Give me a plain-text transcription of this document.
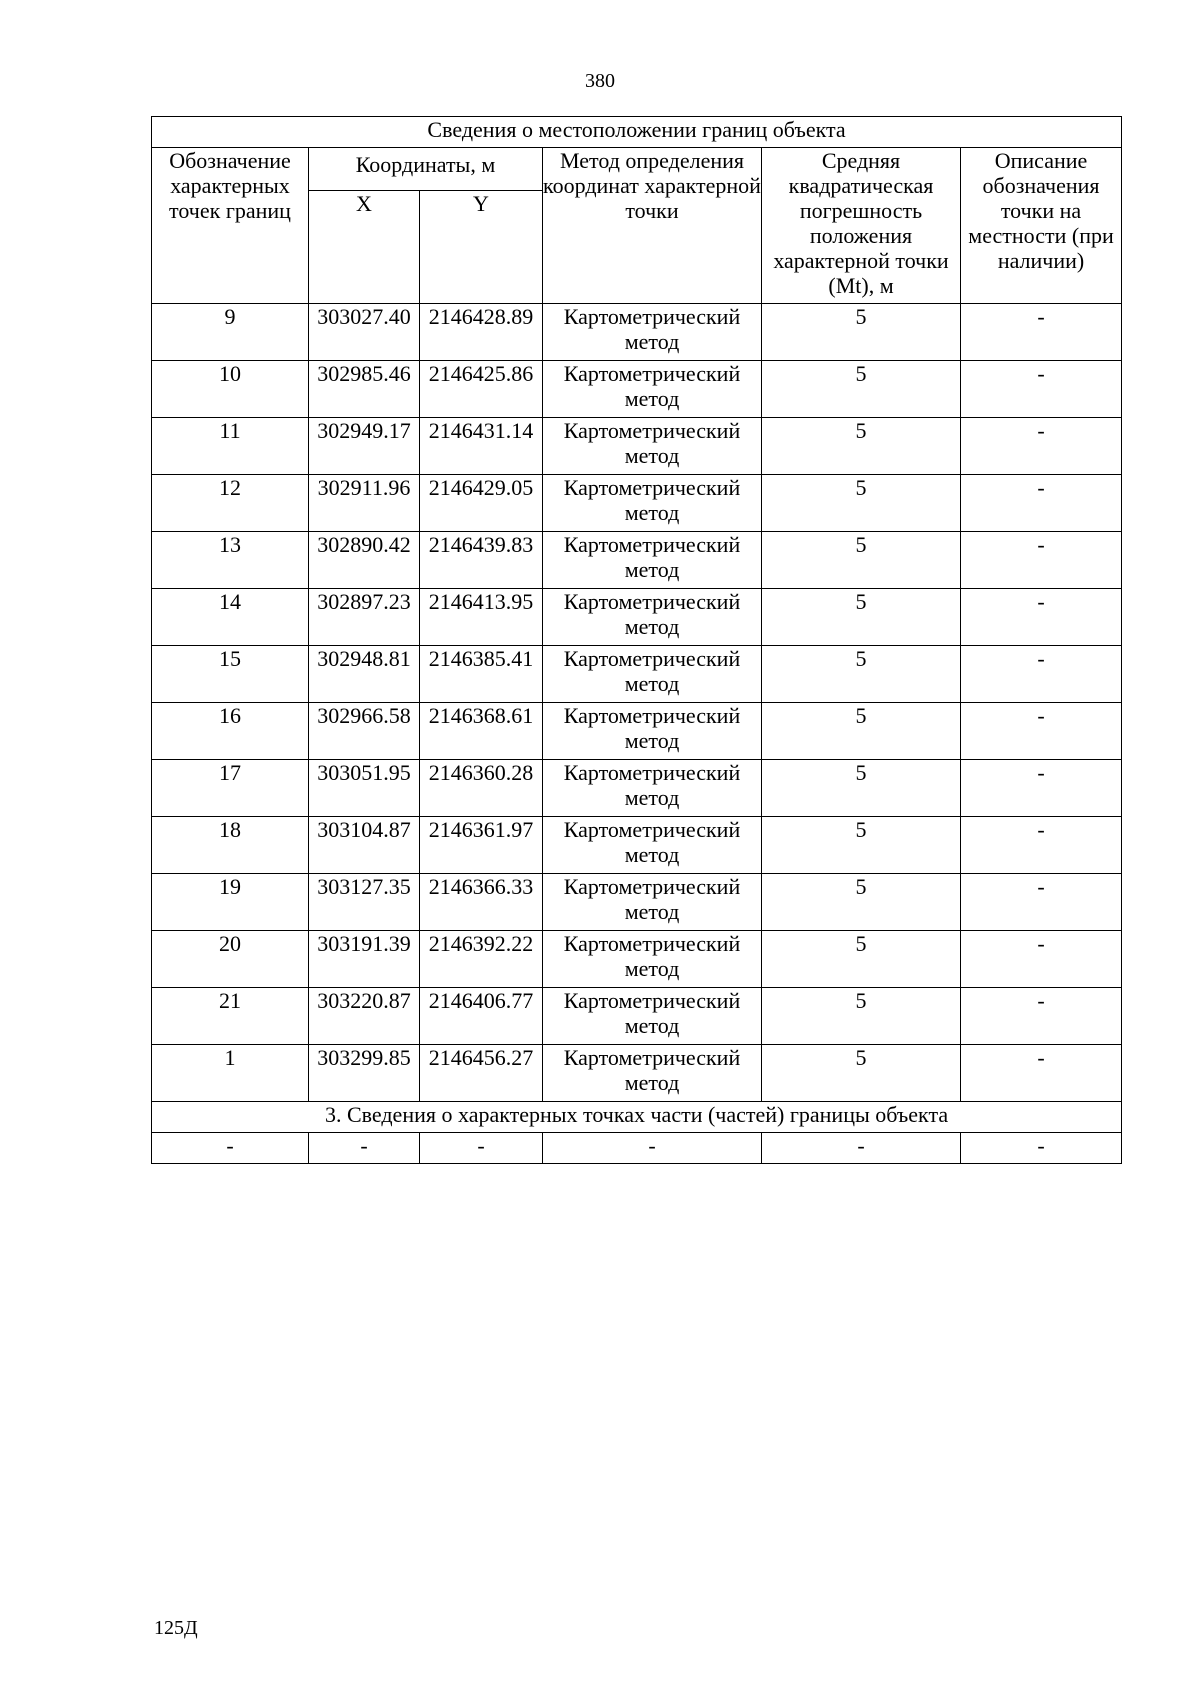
380
Сведения о местоположении границ объекта					
Обозначение характерных точек границ	Координаты, м		Метод определения координат характерной точки	Средняя квадратическая погрешность положения характерной точки (Mt), м	Описание обозначения точки на местности (при наличии)
	X	Y			
9	303027.40	2146428.89	Картометрический метод	5	-
10	302985.46	2146425.86	Картометрический метод	5	-
11	302949.17	2146431.14	Картометрический метод	5	-
12	302911.96	2146429.05	Картометрический метод	5	-
13	302890.42	2146439.83	Картометрический метод	5	-
14	302897.23	2146413.95	Картометрический метод	5	-
15	302948.81	2146385.41	Картометрический метод	5	-
16	302966.58	2146368.61	Картометрический метод	5	-
17	303051.95	2146360.28	Картометрический метод	5	-
18	303104.87	2146361.97	Картометрический метод	5	-
19	303127.35	2146366.33	Картометрический метод	5	-
20	303191.39	2146392.22	Картометрический метод	5	-
21	303220.87	2146406.77	Картометрический метод	5	-
1	303299.85	2146456.27	Картометрический метод	5	-
3. Сведения о характерных точках части (частей) границы объекта					
-	-	-	-	-	-
125Д
